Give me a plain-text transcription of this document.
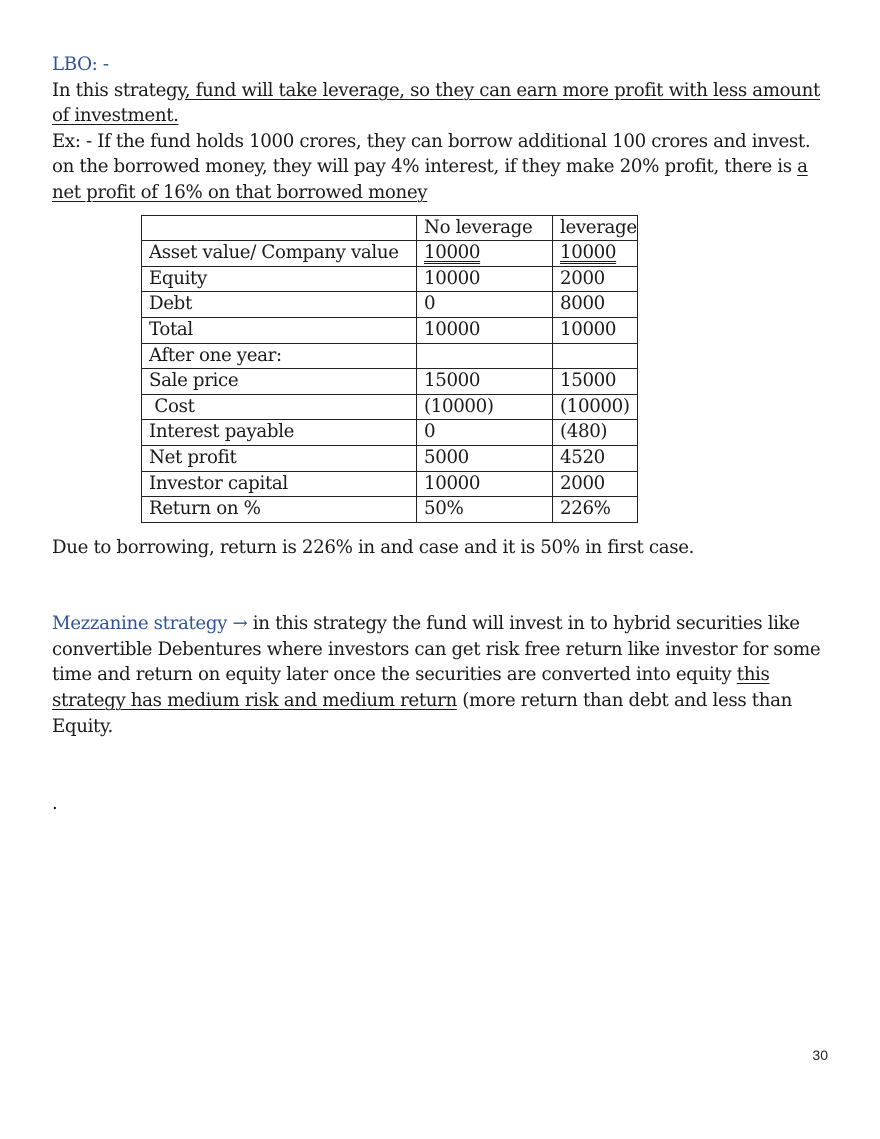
LBO: -

In this strategy, fund will take leverage, so they can earn more profit with less amount of investment.

Ex: - If the fund holds 1000 crores, they can borrow additional 100 crores and invest. on the borrowed money, they will pay 4% interest, if they make 20% profit, there is a net profit of 16% on that borrowed money

	No leverage	leverage
Asset value/ Company value	10000	10000
Equity	10000	2000
Debt	0	8000
Total	10000	10000
After one year:		
Sale price	15000	15000
Cost	(10000)	(10000)
Interest payable	0	(480)
Net profit	5000	4520
Investor capital	10000	2000
Return on %	50%	226%

Due to borrowing, return is 226% in and case and it is 50% in first case.

Mezzanine strategy → in this strategy the fund will invest in to hybrid securities like convertible Debentures where investors can get risk free return like investor for some time and return on equity later once the securities are converted into equity this strategy has medium risk and medium return (more return than debt and less than Equity.

.

30
